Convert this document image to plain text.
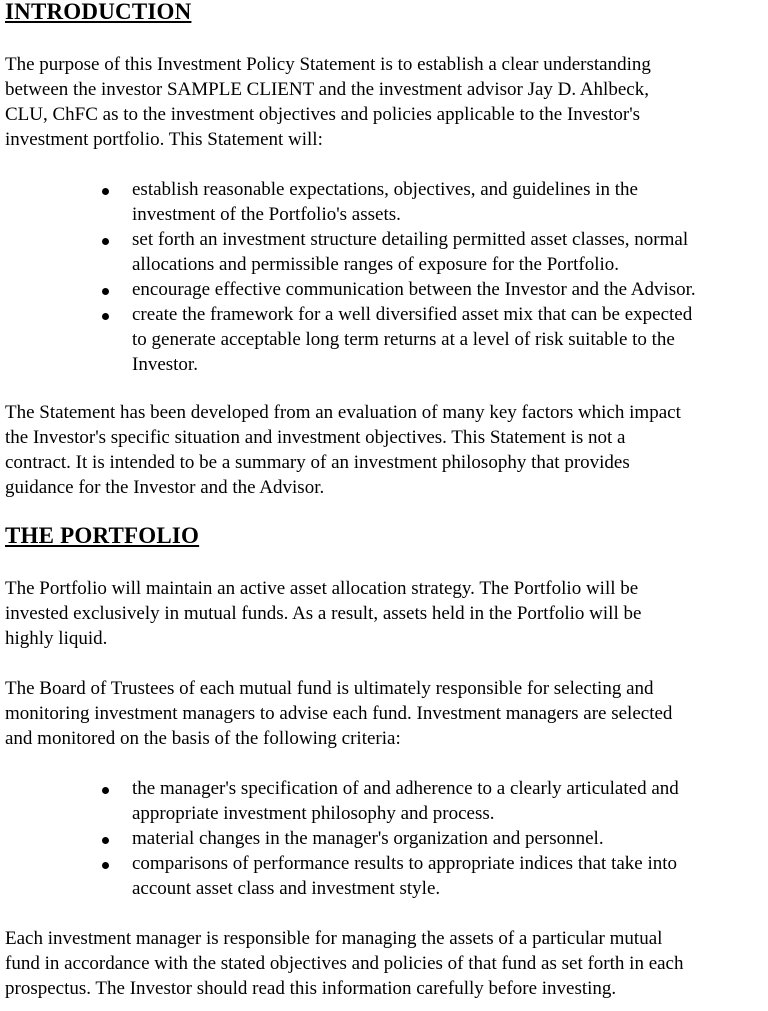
INTRODUCTION
The purpose of this Investment Policy Statement is to establish a clear understanding
between the investor SAMPLE CLIENT and the investment advisor Jay D. Ahlbeck,
CLU, ChFC as to the investment objectives and policies applicable to the Investor's
investment portfolio. This Statement will:
establish reasonable expectations, objectives, and guidelines in the
investment of the Portfolio's assets.
set forth an investment structure detailing permitted asset classes, normal
allocations and permissible ranges of exposure for the Portfolio.
encourage effective communication between the Investor and the Advisor.
create the framework for a well diversified asset mix that can be expected
to generate acceptable long term returns at a level of risk suitable to the
Investor.
The Statement has been developed from an evaluation of many key factors which impact
the Investor's specific situation and investment objectives. This Statement is not a
contract. It is intended to be a summary of an investment philosophy that provides
guidance for the Investor and the Advisor.
THE PORTFOLIO
The Portfolio will maintain an active asset allocation strategy. The Portfolio will be
invested exclusively in mutual funds. As a result, assets held in the Portfolio will be
highly liquid.
The Board of Trustees of each mutual fund is ultimately responsible for selecting and
monitoring investment managers to advise each fund. Investment managers are selected
and monitored on the basis of the following criteria:
the manager's specification of and adherence to a clearly articulated and
appropriate investment philosophy and process.
material changes in the manager's organization and personnel.
comparisons of performance results to appropriate indices that take into
account asset class and investment style.
Each investment manager is responsible for managing the assets of a particular mutual
fund in accordance with the stated objectives and policies of that fund as set forth in each
prospectus. The Investor should read this information carefully before investing.
